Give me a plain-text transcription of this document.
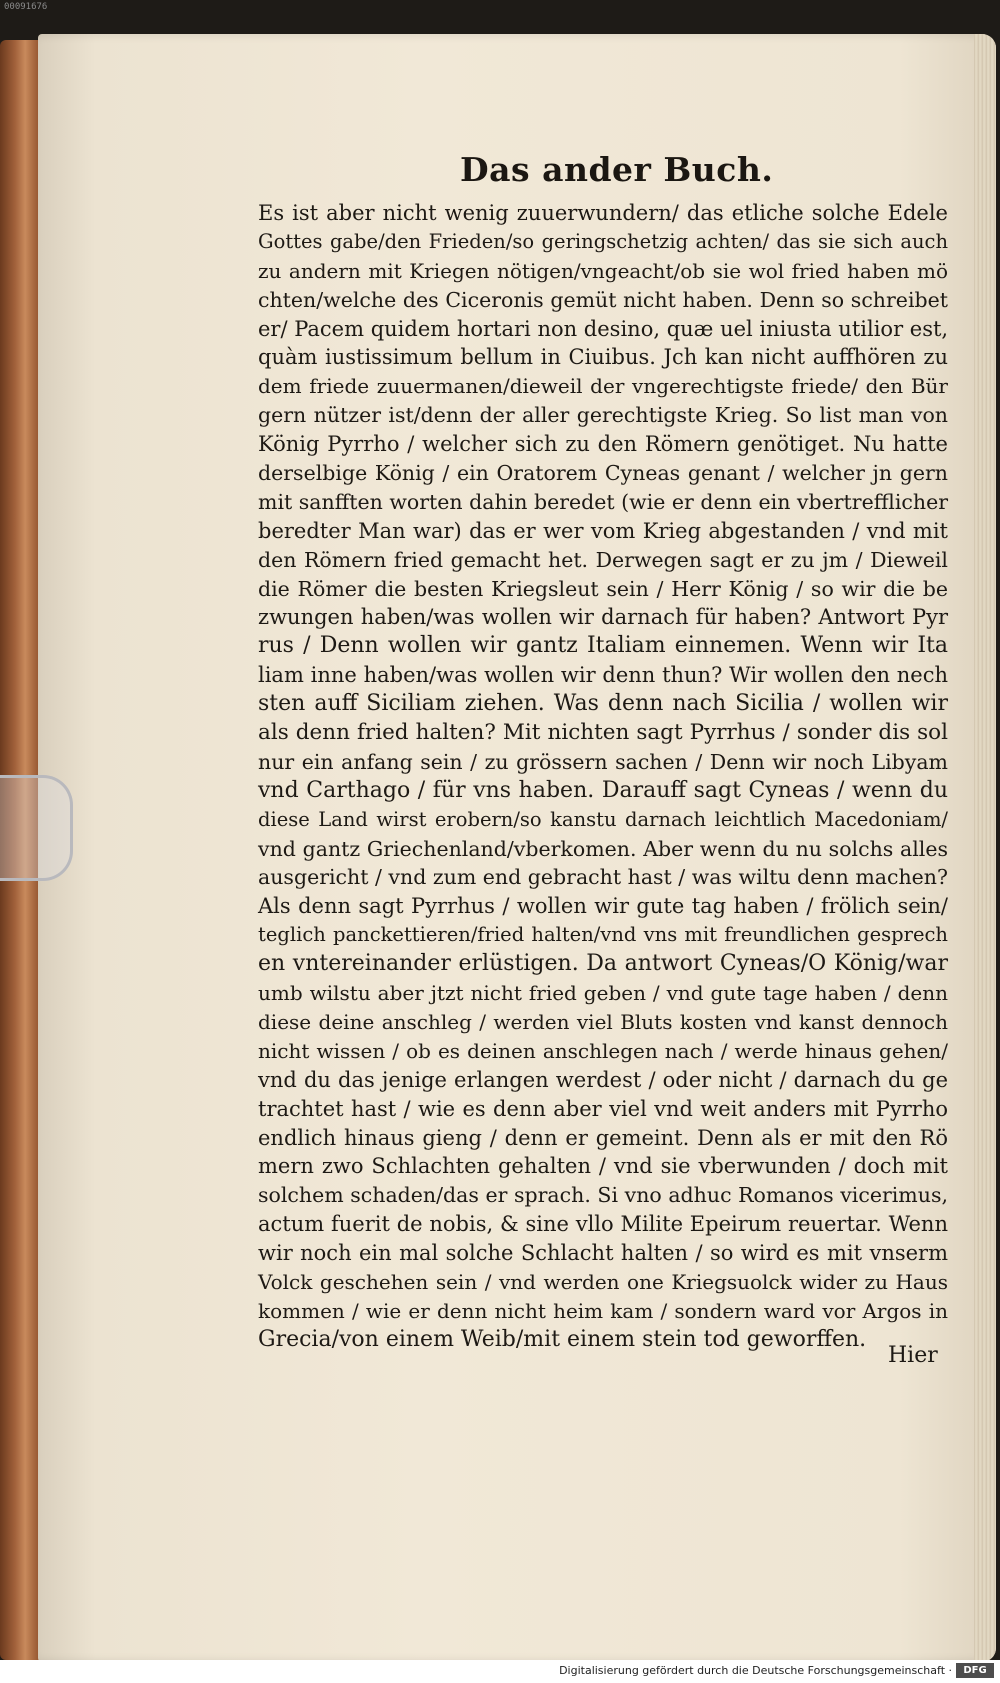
00091676
Das ander Buch.
Es ist aber nicht wenig zuuerwundern/ das etliche solche Edele
Gottes gabe/den Frieden/so geringschetzig achten/ das sie sich auch
zu andern mit Kriegen nötigen/vngeacht/ob sie wol fried haben mö
chten/welche des Ciceronis gemüt nicht haben. Denn so schreibet
er/ Pacem quidem hortari non desino, quæ uel iniusta utilior est,
quàm iustissimum bellum in Ciuibus. Jch kan nicht auffhören zu
dem friede zuuermanen/dieweil der vngerechtigste friede/ den Bür
gern nützer ist/denn der aller gerechtigste Krieg. So list man von
König Pyrrho / welcher sich zu den Römern genötiget. Nu hatte
derselbige König / ein Oratorem Cyneas genant / welcher jn gern
mit sanfften worten dahin beredet (wie er denn ein vbertrefflicher
beredter Man war) das er wer vom Krieg abgestanden / vnd mit
den Römern fried gemacht het. Derwegen sagt er zu jm / Dieweil
die Römer die besten Kriegsleut sein / Herr König / so wir die be
zwungen haben/was wollen wir darnach für haben? Antwort Pyr
rus / Denn wollen wir gantz Italiam einnemen. Wenn wir Ita
liam inne haben/was wollen wir denn thun? Wir wollen den nech
sten auff Siciliam ziehen. Was denn nach Sicilia / wollen wir
als denn fried halten? Mit nichten sagt Pyrrhus / sonder dis sol
nur ein anfang sein / zu grössern sachen / Denn wir noch Libyam
vnd Carthago / für vns haben. Darauff sagt Cyneas / wenn du
diese Land wirst erobern/so kanstu darnach leichtlich Macedoniam/
vnd gantz Griechenland/vberkomen. Aber wenn du nu solchs alles
ausgericht / vnd zum end gebracht hast / was wiltu denn machen?
Als denn sagt Pyrrhus / wollen wir gute tag haben / frölich sein/
teglich panckettieren/fried halten/vnd vns mit freundlichen gesprech
en vntereinander erlüstigen. Da antwort Cyneas/O König/war
umb wilstu aber jtzt nicht fried geben / vnd gute tage haben / denn
diese deine anschleg / werden viel Bluts kosten vnd kanst dennoch
nicht wissen / ob es deinen anschlegen nach / werde hinaus gehen/
vnd du das jenige erlangen werdest / oder nicht / darnach du ge
trachtet hast / wie es denn aber viel vnd weit anders mit Pyrrho
endlich hinaus gieng / denn er gemeint. Denn als er mit den Rö
mern zwo Schlachten gehalten / vnd sie vberwunden / doch mit
solchem schaden/das er sprach. Si vno adhuc Romanos vicerimus,
actum fuerit de nobis, & sine vllo Milite Epeirum reuertar. Wenn
wir noch ein mal solche Schlacht halten / so wird es mit vnserm
Volck geschehen sein / vnd werden one Kriegsuolck wider zu Haus
kommen / wie er denn nicht heim kam / sondern ward vor Argos in
Grecia/von einem Weib/mit einem stein tod geworffen.
Hier
Digitalisierung gefördert durch die Deutsche Forschungsgemeinschaft ·	DFG
